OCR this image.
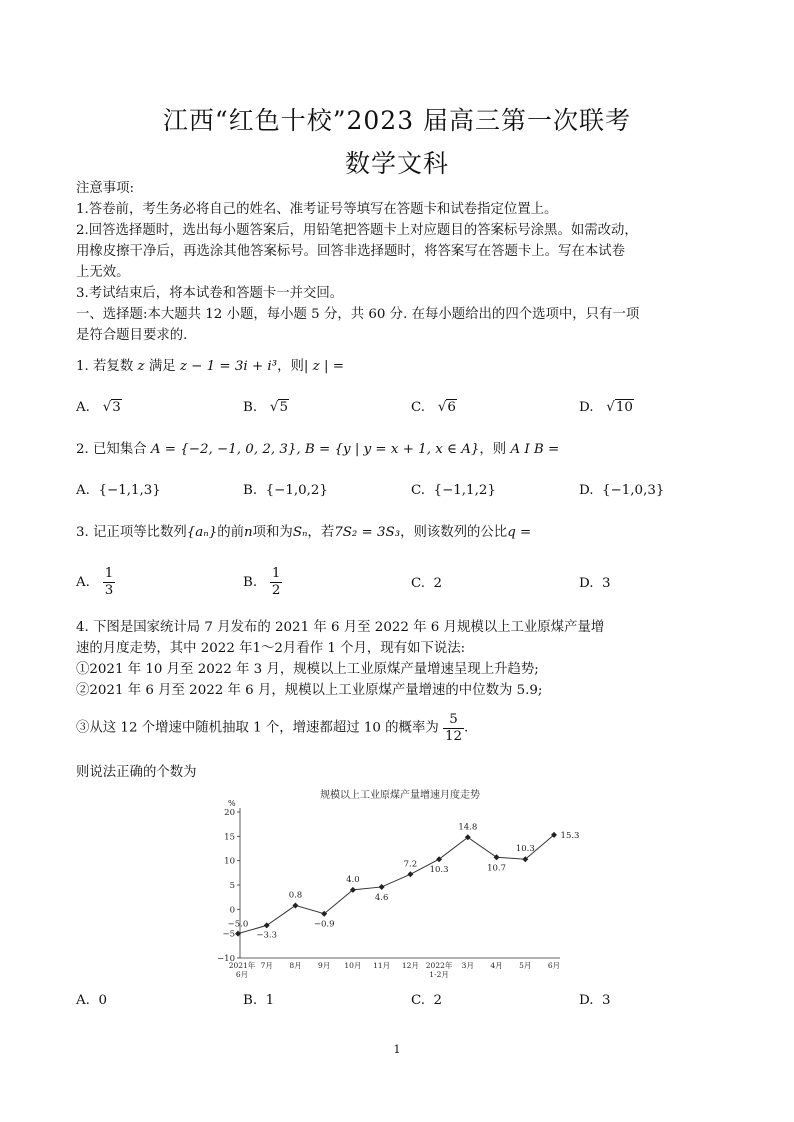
江西“红色十校”2023 届高三第一次联考
数学文科
注意事项:
1.答卷前，考生务必将自己的姓名、准考证号等填写在答题卡和试卷指定位置上。
2.回答选择题时，选出每小题答案后，用铅笔把答题卡上对应题目的答案标号涂黑。如需改动，
用橡皮擦干净后，再选涂其他答案标号。回答非选择题时，将答案写在答题卡上。写在本试卷
上无效。
3.考试结束后，将本试卷和答题卡一并交回。
一、选择题:本大题共 12 小题，每小题 5 分，共 60 分. 在每小题给出的四个选项中，只有一项
是符合题目要求的.
1. 若复数 z 满足 z − 1 = 3i + i³，则| z | =
A. √3	B. √5	C. √6	D. √10
2. 已知集合 A = {−2, −1, 0, 2, 3}, B = {y | y = x + 1, x ∈ A}，则 A I B =
A. {−1,1,3}	B. {−1,0,2}	C. {−1,1,2}	D. {−1,0,3}
3. 记正项等比数列{aₙ}的前n项和为Sₙ，若7S₂ = 3S₃，则该数列的公比q =
A. $\frac{1}{3}$	B. $\frac{1}{2}$	C. 2	D. 3
4. 下图是国家统计局 7 月发布的 2021 年 6 月至 2022 年 6 月规模以上工业原煤产量增
速的月度走势，其中 2022 年1～2月看作 1 个月，现有如下说法:
①2021 年 10 月至 2022 年 3 月，规模以上工业原煤产量增速呈现上升趋势;
②2021 年 6 月至 2022 年 6 月，规模以上工业原煤产量增速的中位数为 5.9;
③从这 12 个增速中随机抽取 1 个，增速都超过 10 的概率为 $\frac{5}{12}$ .
则说法正确的个数为
规模以上工业原煤产量增速月度走势
%
20
15
10
5
0
−5
−10
2021年
6月
7月 8月 9月 10月 11月 12月 2022年
1-2月
3月 4月 5月 6月
−5.0
−3.3
0.8
−0.9
4.0
4.6
7.2
10.3
14.8
10.7
10.3
15.3
A. 0	B. 1	C. 2	D. 3
1
